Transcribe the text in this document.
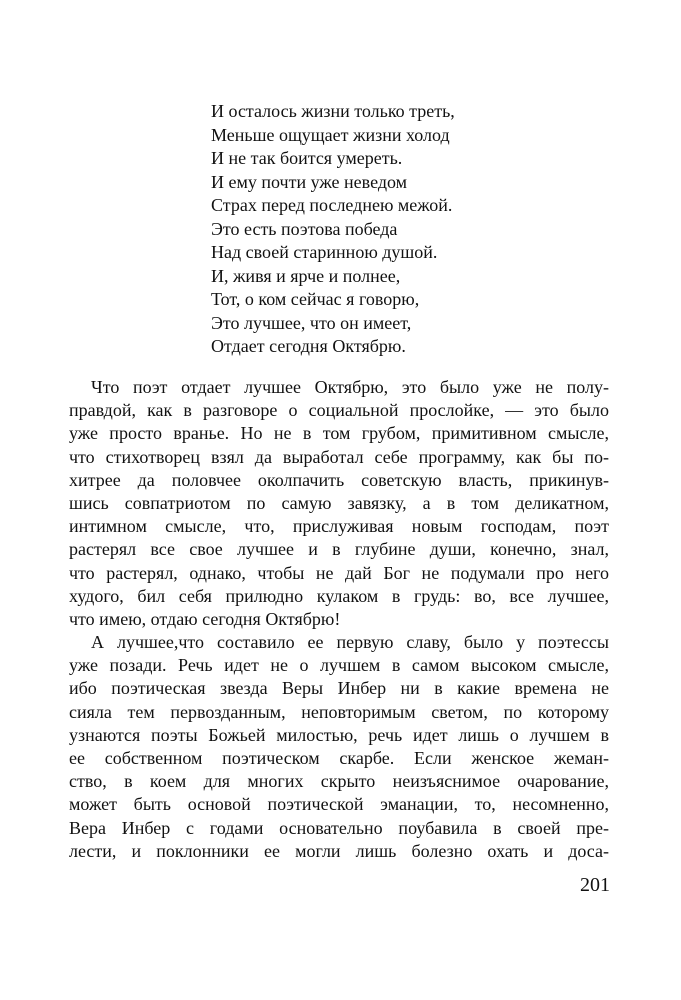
И осталось жизни только треть,
Меньше ощущает жизни холод
И не так боится умереть.
И ему почти уже неведом
Страх перед последнею межой.
Это есть поэтова победа
Над своей старинною душой.
И, живя и ярче и полнее,
Тот, о ком сейчас я говорю,
Это лучшее, что он имеет,
Отдает сегодня Октябрю.
Что поэт отдает лучшее Октябрю, это было уже не полу-
правдой, как в разговоре о социальной прослойке, — это было
уже просто вранье. Но не в том грубом, примитивном смысле,
что стихотворец взял да выработал себе программу, как бы по-
хитрее да половчее околпачить советскую власть, прикинув-
шись совпатриотом по самую завязку, а в том деликатном,
интимном смысле, что, прислуживая новым господам, поэт
растерял все свое лучшее и в глубине души, конечно, знал,
что растерял, однако, чтобы не дай Бог не подумали про него
худого, бил себя прилюдно кулаком в грудь: во, все лучшее,
что имею, отдаю сегодня Октябрю!
А лучшее,что составило ее первую славу, было у поэтессы
уже позади. Речь идет не о лучшем в самом высоком смысле,
ибо поэтическая звезда Веры Инбер ни в какие времена не
сияла тем первозданным, неповторимым светом, по которому
узнаются поэты Божьей милостью, речь идет лишь о лучшем в
ее собственном поэтическом скарбе. Если женское жеман-
ство, в коем для многих скрыто неизъяснимое очарование,
может быть основой поэтической эманации, то, несомненно,
Вера Инбер с годами основательно поубавила в своей пре-
лести, и поклонники ее могли лишь болезно охать и доса-
201
